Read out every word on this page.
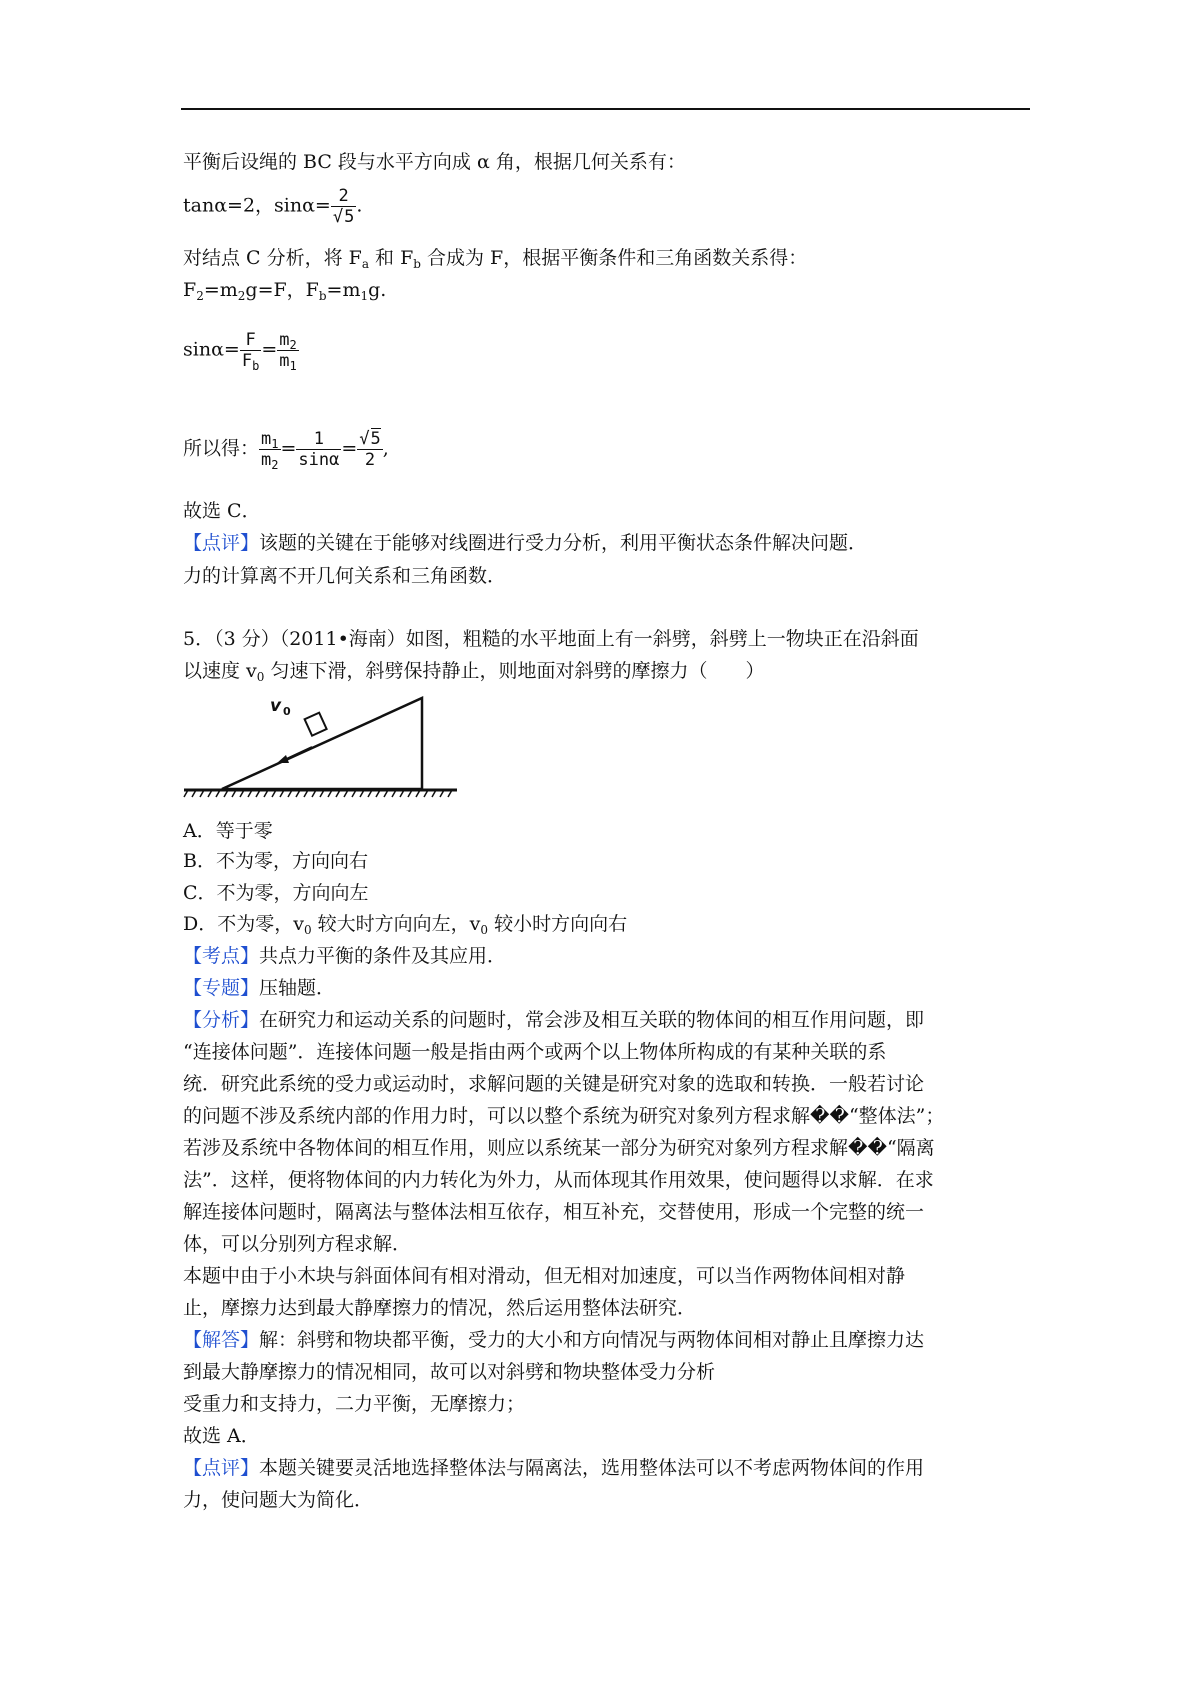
平衡后设绳的 BC 段与水平方向成 α 角，根据几何关系有：
tanα=2，$\sin\alpha= \frac{2}{√5}$ .
对结点 C 分析，将 $F_a$ 和 $F_b$ 合成为 F，根据平衡条件和三角函数关系得：
$F_2=m_2g=F$，$F_b=m_1g$.
$\sin\alpha= \frac{F}{F_b} = \frac{m_2}{m_1}$
所以得： $\frac{m_1}{m_2} = \frac{1}{\sin\alpha} = \frac{√5}{2}$ ,
故选 C．
【点评】该题的关键在于能够对线圈进行受力分析，利用平衡状态条件解决问题．
力的计算离不开几何关系和三角函数．
5．（3 分）（2011•海南）如图，粗糙的水平地面上有一斜劈，斜劈上一物块正在沿斜面
以速度 $v_0$ 匀速下滑，斜劈保持静止，则地面对斜劈的摩擦力（　　）
v 0
A．等于零
B．不为零，方向向右
C．不为零，方向向左
D．不为零，$v_0$ 较大时方向向左，$v_0$ 较小时方向向右
【考点】共点力平衡的条件及其应用．
【专题】压轴题．
【分析】在研究力和运动关系的问题时，常会涉及相互关联的物体间的相互作用问题，即
“连接体问题”．连接体问题一般是指由两个或两个以上物体所构成的有某种关联的系
统．研究此系统的受力或运动时，求解问题的关键是研究对象的选取和转换．一般若讨论
的问题不涉及系统内部的作用力时，可以以整个系统为研究对象列方程求解��“整体法”；
若涉及系统中各物体间的相互作用，则应以系统某一部分为研究对象列方程求解��“隔离
法”．这样，便将物体间的内力转化为外力，从而体现其作用效果，使问题得以求解．在求
解连接体问题时，隔离法与整体法相互依存，相互补充，交替使用，形成一个完整的统一
体，可以分别列方程求解．
本题中由于小木块与斜面体间有相对滑动，但无相对加速度，可以当作两物体间相对静
止，摩擦力达到最大静摩擦力的情况，然后运用整体法研究．
【解答】解：斜劈和物块都平衡，受力的大小和方向情况与两物体间相对静止且摩擦力达
到最大静摩擦力的情况相同，故可以对斜劈和物块整体受力分析
受重力和支持力，二力平衡，无摩擦力；
故选 A．
【点评】本题关键要灵活地选择整体法与隔离法，选用整体法可以不考虑两物体间的作用
力，使问题大为简化．
